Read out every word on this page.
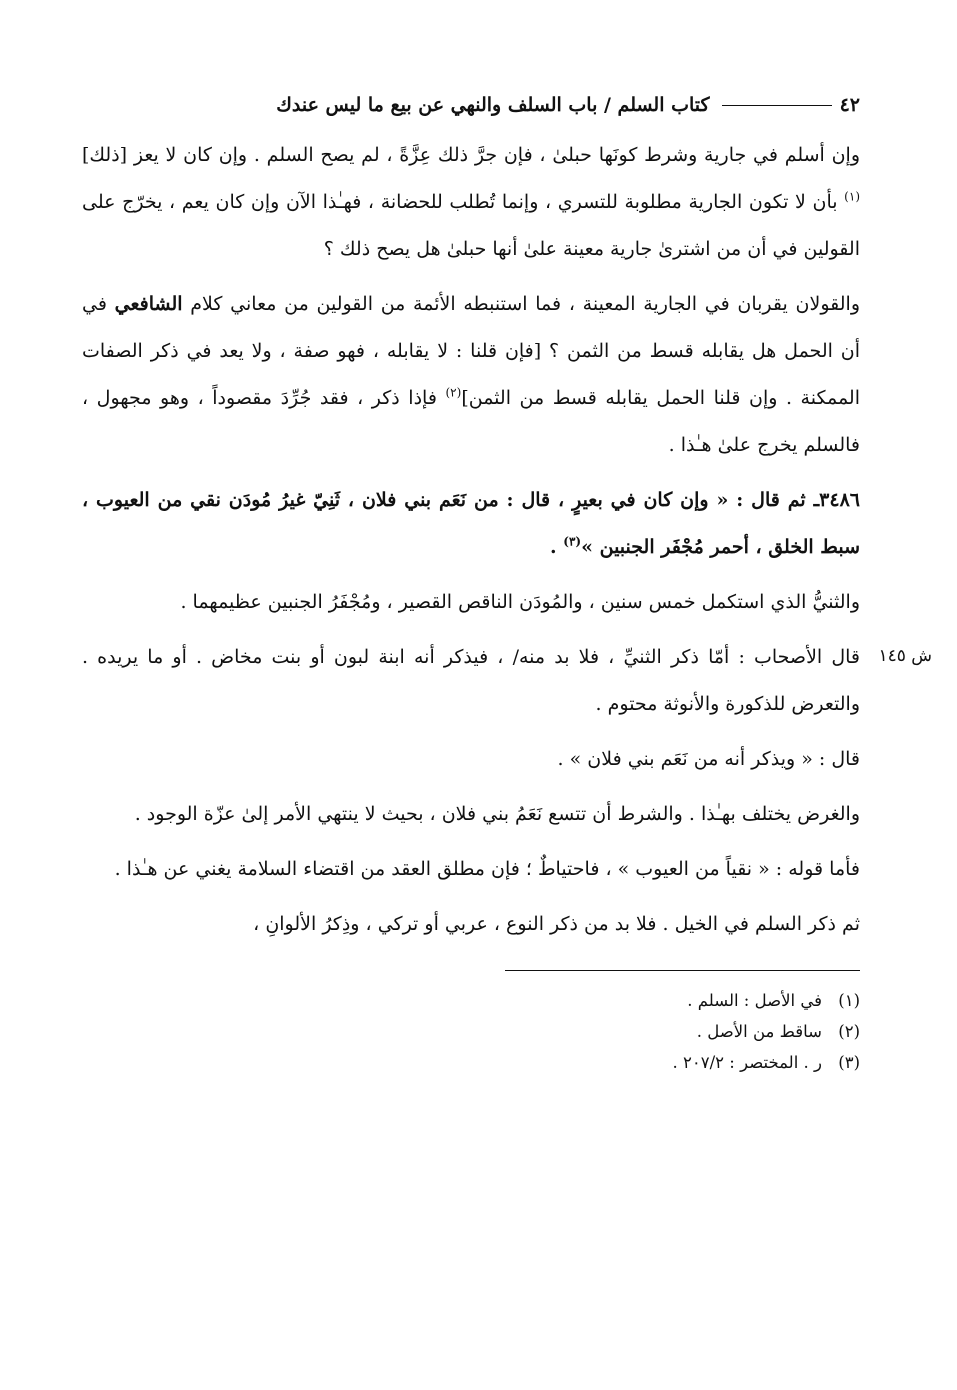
٤٢
كتاب السلم / باب السلف والنهي عن بيع ما ليس عندك

وإن أسلم في جارية وشرط كونَها حبلىٰ ، فإن جرَّ ذلك عِزَّةً ، لم يصح السلم . وإن كان لا يعز [ذلك]$^{(١)}$ بأن لا تكون الجارية مطلوبة للتسري ، وإنما تُطلب للحضانة ، فهـٰذا الآن وإن كان يعم ، يخرّج على القولين في أن من اشترىٰ جارية معينة علىٰ أنها حبلىٰ هل يصح ذلك ؟

والقولان يقربان في الجارية المعينة ، فما استنبطه الأئمة من القولين من معاني كلام الشافعي في أن الحمل هل يقابله قسط من الثمن ؟ [فإن قلنا : لا يقابله ، فهو صفة ، ولا يعد في ذكر الصفات الممكنة . وإن قلنا الحمل يقابله قسط من الثمن]$^{(٢)}$ فإذا ذكر ، فقد جُرِّدَ مقصوداً ، وهو مجهول ، فالسلم يخرج علىٰ هـٰذا .

٣٤٨٦ـ ثم قال : « وإن كان في بعيرٍ ، قال : من نَعَم بني فلان ، ثَنِيّ غيرُ مُودَن نقي من العيوب ، سبط الخلق ، أحمر مُجْفَر الجنبين »$^{(٣)}$ .

والثنيُّ الذي استكمل خمس سنين ، والمُودَن الناقص القصير ، ومُجْفَرُ الجنبين عظيمهما .

ش ١٤٥

قال الأصحاب : أمّا ذكر الثنيِّ ، فلا بد منه/ ، فيذكر أنه ابنة لبون أو بنت مخاض . أو ما يريده . والتعرض للذكورة والأنوثة محتوم .

قال : « ويذكر أنه من نَعَم بني فلان » .

والغرض يختلف بهـٰذا . والشرط أن تتسع نَعَمُ بني فلان ، بحيث لا ينتهي الأمر إلىٰ عزّة الوجود .

فأما قوله : « نقياً من العيوب » ، فاحتياطٌ ؛ فإن مطلق العقد من اقتضاء السلامة يغني عن هـٰذا .

ثم ذكر السلم في الخيل . فلا بد من ذكر النوع ، عربي أو تركي ، وذِكرُ الألوانِ ،

(١)
في الأصل : السلم .
(٢)
ساقط من الأصل .
(٣)
ر . المختصر : ٢٠٧/٢ .
